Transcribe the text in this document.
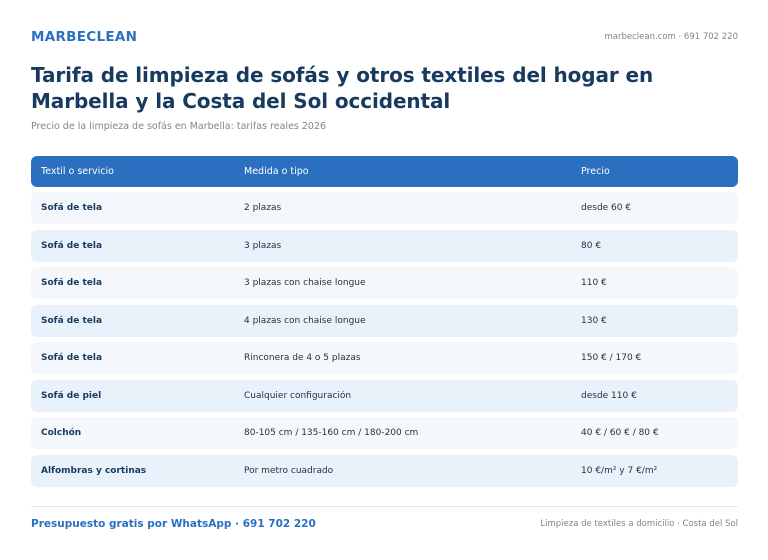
MARBECLEAN	marbeclean.com · 691 702 220
Tarifa de limpieza de sofás y otros textiles del hogar en Marbella y la Costa del Sol occidental

Precio de la limpieza de sofás en Marbella: tarifas reales 2026

Textil o servicio	Medida o tipo	Precio
Sofá de tela	2 plazas	desde 60 €
Sofá de tela	3 plazas	80 €
Sofá de tela	3 plazas con chaise longue	110 €
Sofá de tela	4 plazas con chaise longue	130 €
Sofá de tela	Rinconera de 4 o 5 plazas	150 € / 170 €
Sofá de piel	Cualquier configuración	desde 110 €
Colchón	80-105 cm / 135-160 cm / 180-200 cm	40 € / 60 € / 80 €
Alfombras y cortinas	Por metro cuadrado	10 €/m² y 7 €/m²
Presupuesto gratis por WhatsApp · 691 702 220	Limpieza de textiles a domicilio · Costa del Sol
